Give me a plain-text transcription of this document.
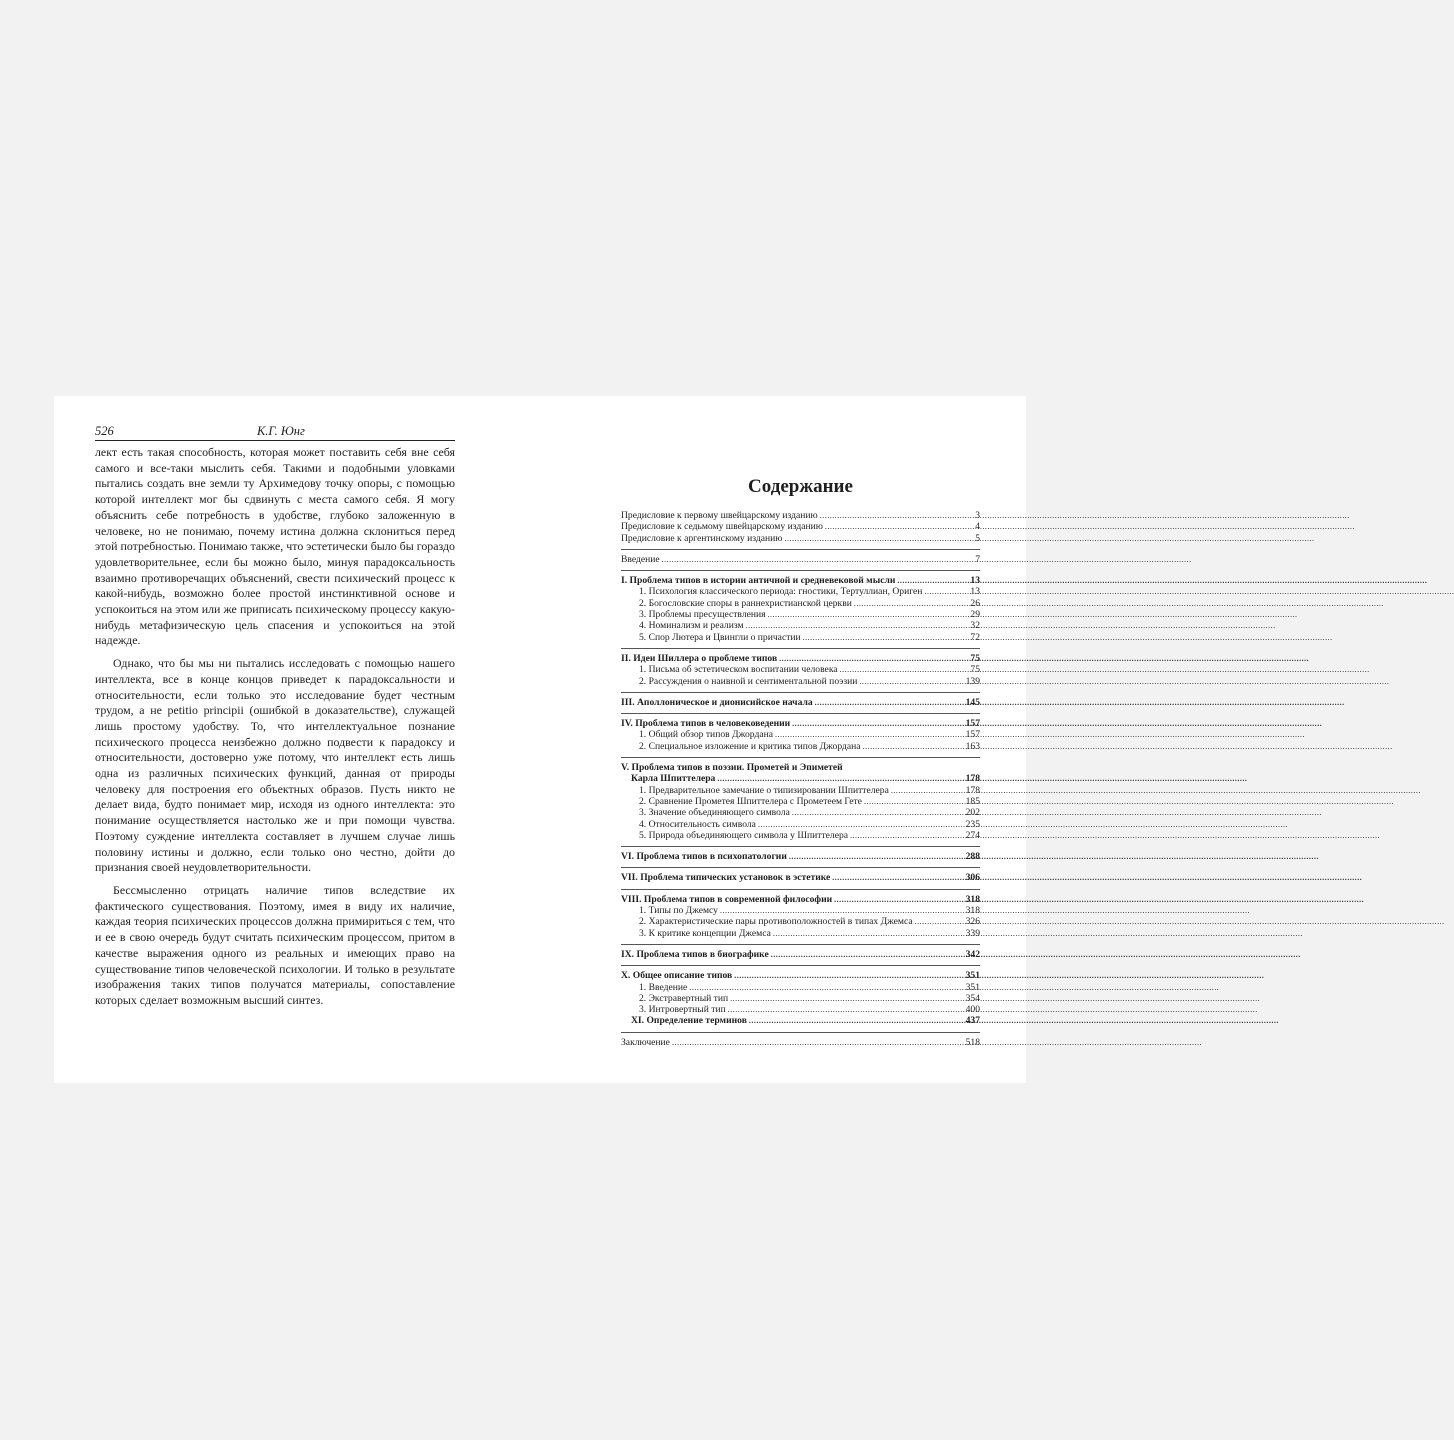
526	К.Г. Юнг

лект есть такая способность, которая может поставить себя вне себя самого и все-таки мыслить себя. Такими и подобными уловками пытались создать вне земли ту Архимедову точку опоры, с помощью которой интеллект мог бы сдвинуть с места самого себя. Я могу объяснить себе потребность в удобстве, глубоко заложенную в человеке, но не понимаю, почему истина должна склониться перед этой потребностью. Понимаю также, что эстетически было бы гораздо удовлетворительнее, если бы можно было, минуя парадоксальность взаимно противоречащих объяснений, свести психический процесс к какой-нибудь, возможно более простой инстинктивной основе и успокоиться на этом или же приписать психическому процессу какую-нибудь метафизическую цель спасения и успокоиться на этой надежде.

Однако, что бы мы ни пытались исследовать с помощью нашего интеллекта, все в конце концов приведет к парадоксальности и относительности, если только это исследование будет честным трудом, а не petitio principii (ошибкой в доказательстве), служащей лишь простому удобству. То, что интеллектуальное познание психического процесса неизбежно должно подвести к парадоксу и относительности, достоверно уже потому, что интеллект есть лишь одна из различных психических функций, данная от природы человеку для построения его объектных образов. Пусть никто не делает вида, будто понимает мир, исходя из одного интеллекта: это понимание осуществляется настолько же и при помощи чувства. Поэтому суждение интеллекта составляет в лучшем случае лишь половину истины и должно, если только оно честно, дойти до признания своей неудовлетворительности.

Бессмысленно отрицать наличие типов вследствие их фактического существования. Поэтому, имея в виду их наличие, каждая теория психических процессов должна примириться с тем, что и ее в свою очередь будут считать психическим процессом, притом в качестве выражения одного из реальных и имеющих право на существование типов человеческой психологии. И только в результате изображения таких типов получатся материалы, сопоставление которых сделает возможным высший синтез.

Содержание
Предисловие к первому швейцарскому изданию .....	3
Предисловие к седьмому швейцарскому изданию .....	4
Предисловие к аргентинскому изданию .....	5
Введение .....	7
I. Проблема типов в истории античной и средневековой мысли .....	13
1. Психология классического периода: гностики, Тертуллиан, Ориген .....	13
2. Богословские споры в раннехристианской церкви .....	26
3. Проблемы пресуществления .....	29
4. Номинализм и реализм .....	32
5. Спор Лютера и Цвингли о причастии .....	72
II. Идеи Шиллера о проблеме типов .....	75
1. Письма об эстетическом воспитании человека .....	75
2. Рассуждения о наивной и сентиментальной поэзии .....	139
III. Аполлоническое и дионисийское начала .....	145
IV. Проблема типов в человековедении .....	157
1. Общий обзор типов Джордана .....	157
2. Специальное изложение и критика типов Джордана .....	163
V. Проблема типов в поэзии. Прометей и Эпиметей
Карла Шпиттелера .....	178
1. Предварительное замечание о типизировании Шпиттелера .....	178
2. Сравнение Прометея Шпиттелера с Прометеем Гете .....	185
3. Значение объединяющего символа .....	202
4. Относительность символа .....	235
5. Природа объединяющего символа у Шпиттелера .....	274
VI. Проблема типов в психопатологии .....	288
VII. Проблема типических установок в эстетике .....	306
VIII. Проблема типов в современной философии .....	318
1. Типы по Джемсу .....	318
2. Характеристические пары противоположностей в типах Джемса .....	326
3. К критике концепции Джемса .....	339
IX. Проблема типов в биографике .....	342
X. Общее описание типов .....	351
1. Введение .....	351
2. Экстравертный тип .....	354
3. Интровертный тип .....	400
XI. Определение терминов .....	437
Заключение .....	518
